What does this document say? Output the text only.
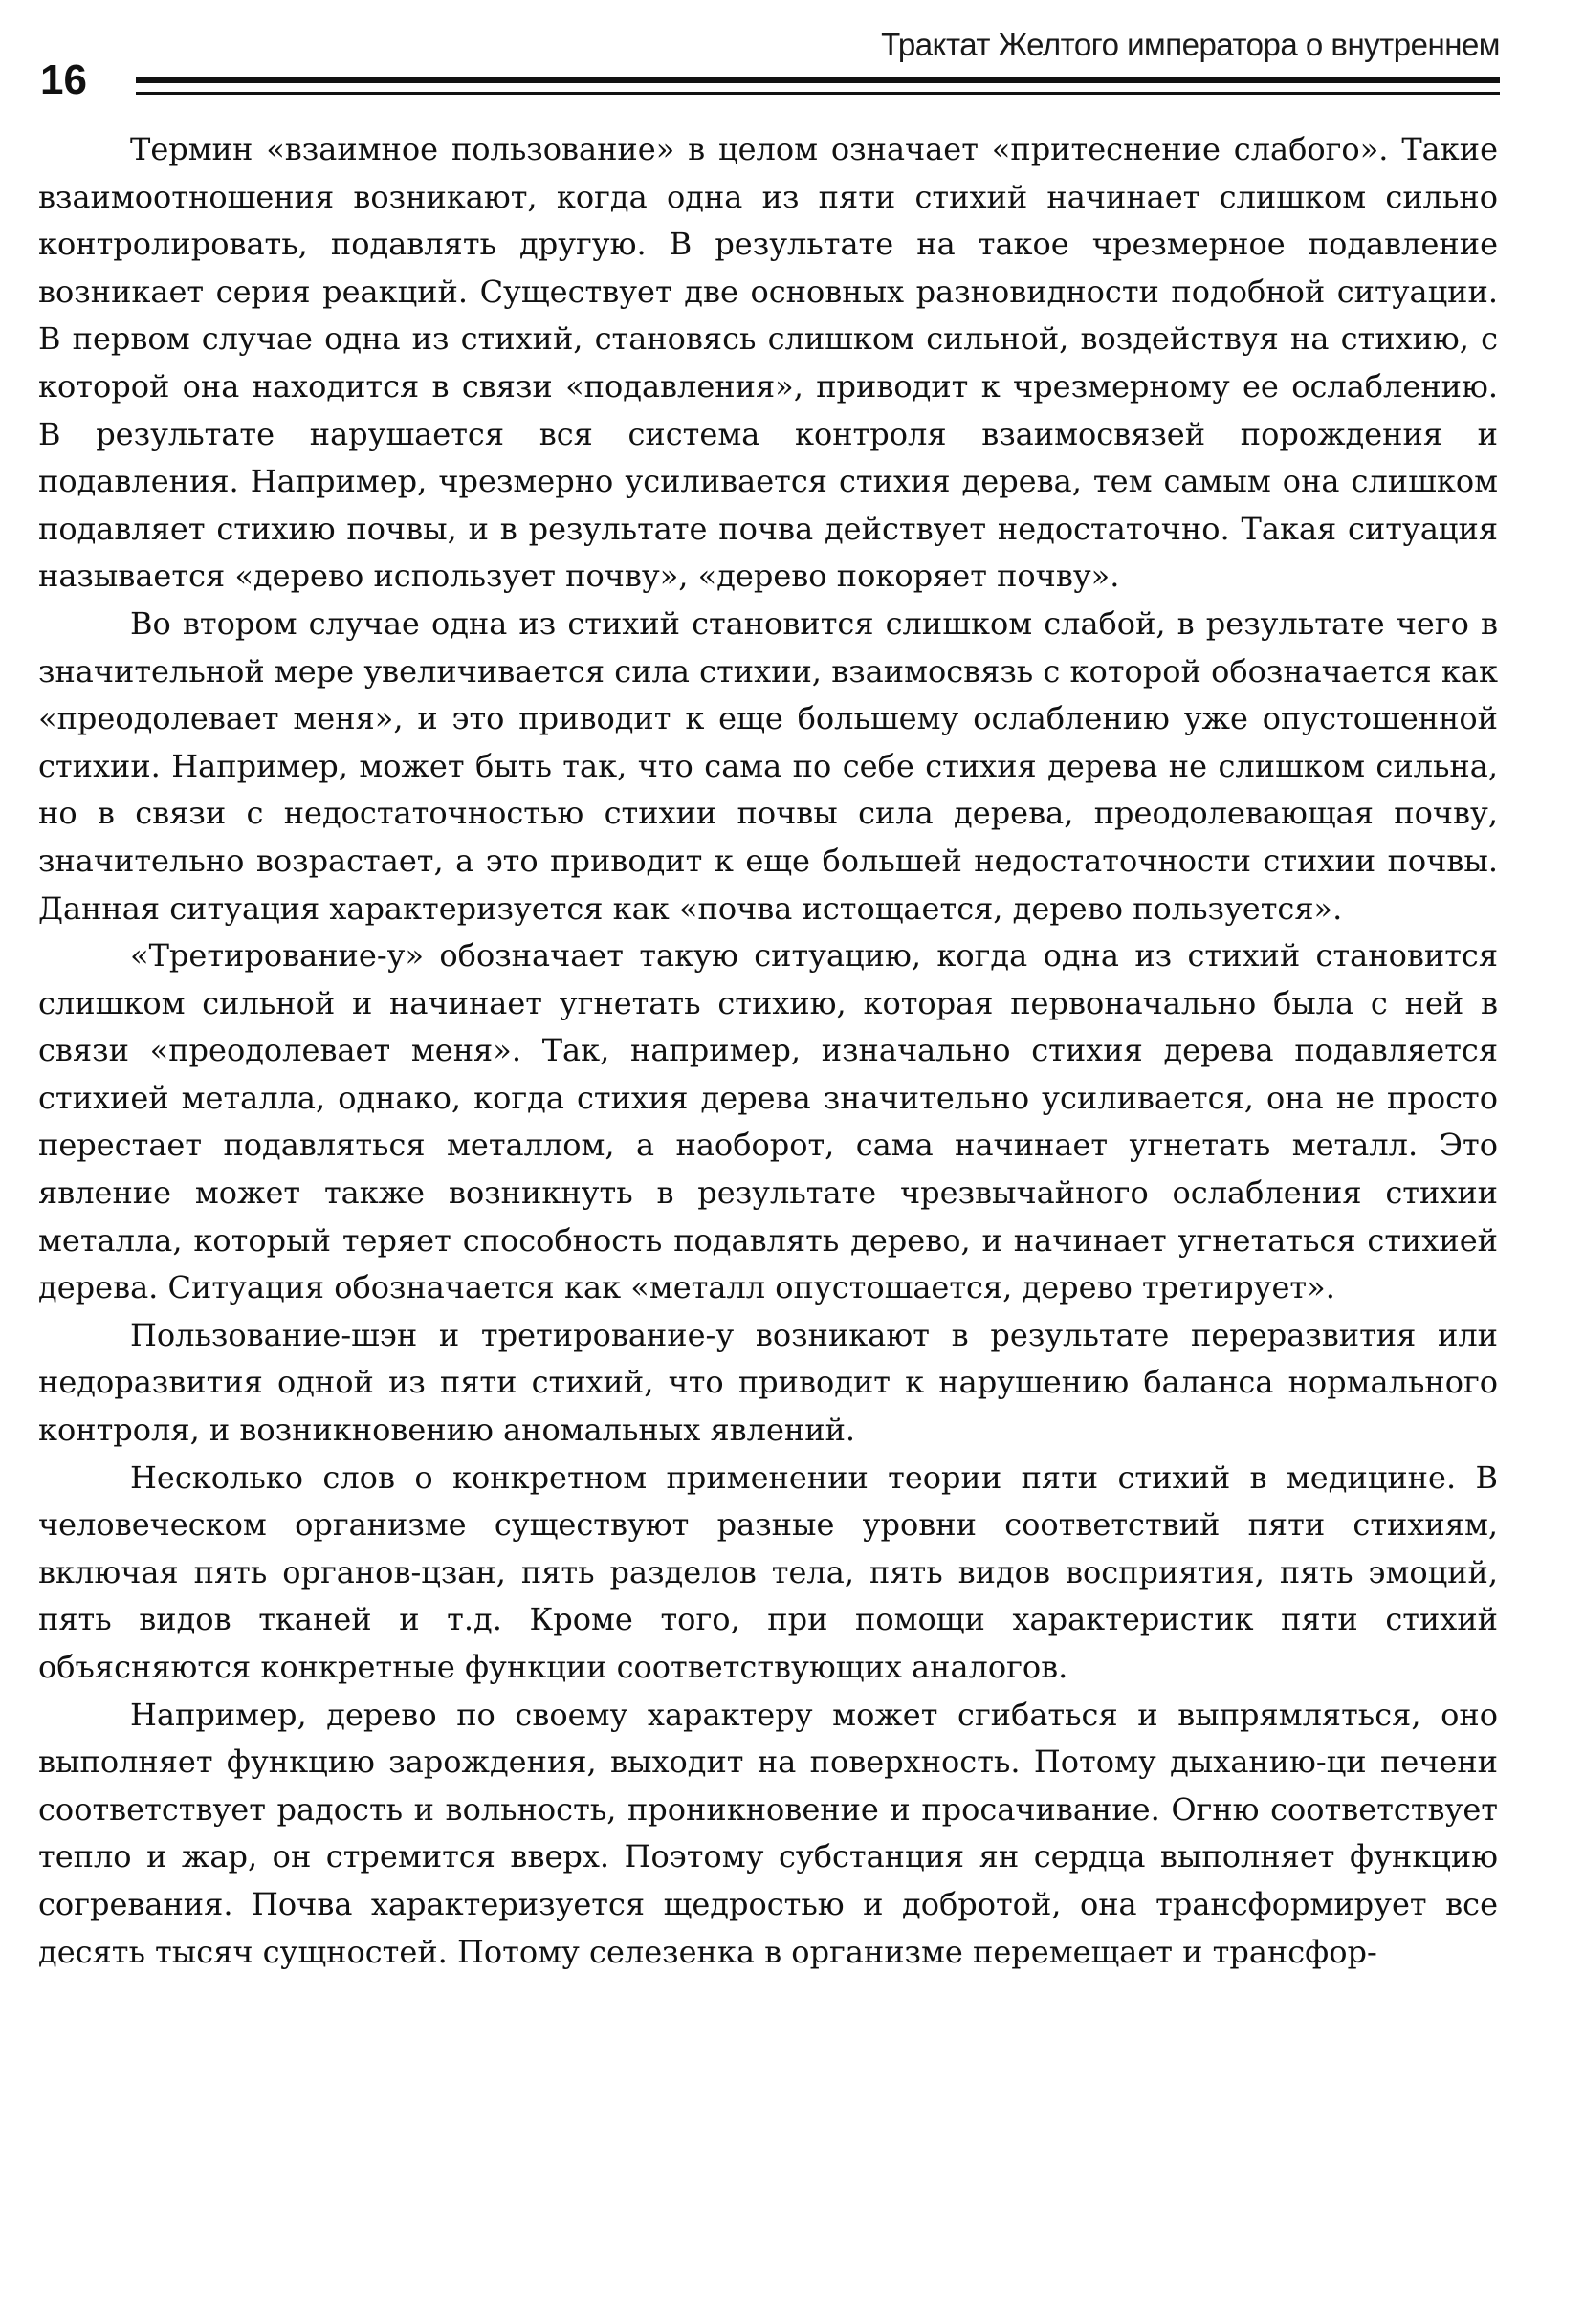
Трактат Желтого императора о внутреннем
16

Термин «взаимное пользование» в целом означает «притеснение слабого». Такие взаимоотношения возникают, когда одна из пяти стихий начинает слишком сильно контролировать, подавлять другую. В результате на такое чрезмерное подавление возникает серия реакций. Существует две основных разновидности подобной ситуации. В первом случае одна из стихий, становясь слишком сильной, воздействуя на стихию, с которой она находится в связи «подавления», приводит к чрезмерному ее ослаблению. В результате нарушается вся система контроля взаимосвязей порождения и подавления. Например, чрезмерно усиливается стихия дерева, тем самым она слишком подавляет стихию почвы, и в результате почва действует недостаточно. Такая ситуация называется «дерево использует почву», «дерево покоряет почву».

Во втором случае одна из стихий становится слишком слабой, в результате чего в значительной мере увеличивается сила стихии, взаимосвязь с которой обозначается как «преодолевает меня», и это приводит к еще большему ослаблению уже опустошенной стихии. Например, может быть так, что сама по себе стихия дерева не слишком сильна, но в связи с недостаточностью стихии почвы сила дерева, преодолевающая почву, значительно возрастает, а это приводит к еще большей недостаточности стихии почвы. Данная ситуация характеризуется как «почва истощается, дерево пользуется».

«Третирование-у» обозначает такую ситуацию, когда одна из стихий становится слишком сильной и начинает угнетать стихию, которая первоначально была с ней в связи «преодолевает меня». Так, например, изначально стихия дерева подавляется стихией металла, однако, когда стихия дерева значительно усиливается, она не просто перестает подавляться металлом, а наоборот, сама начинает угнетать металл. Это явление может также возникнуть в результате чрезвычайного ослабления стихии металла, который теряет способность подавлять дерево, и начинает угнетаться стихией дерева. Ситуация обозначается как «металл опустошается, дерево третирует».

Пользование-шэн и третирование-у возникают в результате переразвития или недоразвития одной из пяти стихий, что приводит к нарушению баланса нормального контроля, и возникновению аномальных явлений.

Несколько слов о конкретном применении теории пяти стихий в медицине. В человеческом организме существуют разные уровни соответствий пяти стихиям, включая пять органов-цзан, пять разделов тела, пять видов восприятия, пять эмоций, пять видов тканей и т.д. Кроме того, при помощи характеристик пяти стихий объясняются конкретные функции соответствующих аналогов.

Например, дерево по своему характеру может сгибаться и выпрямляться, оно выполняет функцию зарождения, выходит на поверхность. Потому дыханию-ци печени соответствует радость и вольность, проникновение и просачивание. Огню соответствует тепло и жар, он стремится вверх. Поэтому субстанция ян сердца выполняет функцию согревания. Почва характеризуется щедростью и добротой, она трансформирует все десять тысяч сущностей. Потому селезенка в организме перемещает и трансфор-
